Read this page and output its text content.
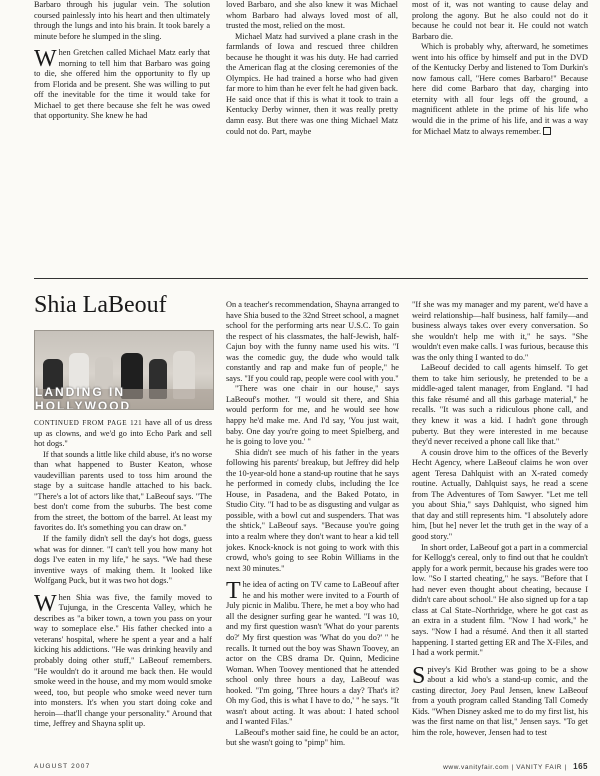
Barbaro through his jugular vein. The solution coursed painlessly into his heart and then ultimately through the lungs and into his brain. It took barely a minute before he slumped in the sling.

When Gretchen called Michael Matz early that morning to tell him that Barbaro was going to die, she offered him the opportunity to fly up from Florida and be present. She was willing to put off the inevitable for the time it would take for Michael to get there because she felt he was owed that opportunity. She knew he had

loved Barbaro, and she also knew it was Michael whom Barbaro had always loved most of all, trusted the most, relied on the most.

Michael Matz had survived a plane crash in the farmlands of Iowa and rescued three children because he thought it was his duty. He had carried the American flag at the closing ceremonies of the Olympics. He had trained a horse who had given far more to him than he ever felt he had given back. He said once that if this is what it took to train a Kentucky Derby winner, then it was really pretty damn easy. But there was one thing Michael Matz could not do. Part, maybe

most of it, was not wanting to cause delay and prolong the agony. But he also could not do it because he could not bear it. He could not watch Barbaro die.

Which is probably why, afterward, he sometimes went into his office by himself and put in the DVD of the Kentucky Derby and listened to Tom Durkin's now famous call, "Here comes Barbaro!" Because here did come Barbaro that day, charging into eternity with all four legs off the ground, a magnificent athlete in the prime of his life who would die in the prime of his life, and it was a way for Michael Matz to always remember.

Shia LaBeouf
LANDING IN HOLLYWOOD

CONTINUED FROM PAGE 121 have all of us dress up as clowns, and we'd go into Echo Park and sell hot dogs."

If that sounds a little like child abuse, it's no worse than what happened to Buster Keaton, whose vaudevillian parents used to toss him around the stage by a suitcase handle attached to his back. "There's a lot of actors like that," LaBeouf says. "The best don't come from the suburbs. The best come from the street, the bottom of the barrel. At least my favorites do. It's something you can draw on."

If the family didn't sell the day's hot dogs, guess what was for dinner. "I can't tell you how many hot dogs I've eaten in my life," he says. "We had these inventive ways of making them. It looked like Wolfgang Puck, but it was two hot dogs."

When Shia was five, the family moved to Tujunga, in the Crescenta Valley, which he describes as "a biker town, a town you pass on your way to someplace else." His father checked into a veterans' hospital, where he spent a year and a half kicking his addictions. "He was drinking heavily and probably doing other stuff," LaBeouf remembers. "He wouldn't do it around me back then. He would smoke weed in the house, and my mom would smoke weed, too, but people who smoke weed never turn into monsters. It's when you start doing coke and heroin—that'll change your personality." Around that time, Jeffrey and Shayna split up.

On a teacher's recommendation, Shayna arranged to have Shia bused to the 32nd Street school, a magnet school for the performing arts near U.S.C. To gain the respect of his classmates, the half-Jewish, half-Cajun boy with the funny name used his wits. "I was the comedic guy, the dude who would talk constantly and rap and make fun of people," he says. "If you could rap, people were cool with you."

"There was one chair in our house," says LaBeouf's mother. "I would sit there, and Shia would perform for me, and he would see how happy he'd make me. And I'd say, 'You just wait, baby. One day you're going to meet Spielberg, and he is going to love you.' "

Shia didn't see much of his father in the years following his parents' breakup, but Jeffrey did help the 10-year-old hone a stand-up routine that he says he performed in comedy clubs, including the Ice House, in Pasadena, and the Baked Potato, in Studio City. "I had to be as disgusting and vulgar as possible, with a bowl cut and suspenders. That was the shtick," LaBeouf says. "Because you're going into a realm where they don't want to hear a kid tell jokes. Knock-knock is not going to work with this crowd, who's going to see Robin Williams in the next 30 minutes."

The idea of acting on TV came to LaBeouf after he and his mother were invited to a Fourth of July picnic in Malibu. There, he met a boy who had all the designer surfing gear he wanted. "I was 10, and my first question wasn't 'What do your parents do?' My first question was 'What do you do?' " he recalls. It turned out the boy was Shawn Toovey, an actor on the CBS drama Dr. Quinn, Medicine Woman. When Toovey mentioned that he attended school only three hours a day, LaBeouf was hooked. "I'm going, 'Three hours a day? That's it? Oh my God, this is what I have to do,' " he says. "It wasn't about acting. It was about: I hated school and I wanted Filas."

LaBeouf's mother said fine, he could be an actor, but she wasn't going to "pimp" him.

"If she was my manager and my parent, we'd have a weird relationship—half business, half family—and business always takes over every conversation. So she wouldn't help me with it," he says. "She wouldn't even make calls. I was furious, because this was the only thing I wanted to do."

LaBeouf decided to call agents himself. To get them to take him seriously, he pretended to be a middle-aged talent manager, from England. "I had this fake résumé and all this garbage material," he recalls. "It was such a ridiculous phone call, and they knew it was a kid. I hadn't gone through puberty. But they were interested in me because they'd never received a phone call like that."

A cousin drove him to the offices of the Beverly Hecht Agency, where LaBeouf claims he won over agent Teresa Dahlquist with an X-rated comedy routine. Actually, Dahlquist says, he read a scene from The Adventures of Tom Sawyer. "Let me tell you about Shia," says Dahlquist, who signed him that day and still represents him. "I absolutely adore him, [but he] never let the truth get in the way of a good story."

In short order, LaBeouf got a part in a commercial for Kellogg's cereal, only to find out that he couldn't apply for a work permit, because his grades were too low. "So I started cheating," he says. "Before that I had never even thought about cheating, because I didn't care about school." He also signed up for a tap class at Cal State–Northridge, where he got cast as an extra in a student film. "Now I had work," he says. "Now I had a résumé. And then it all started happening. I started getting ER and The X-Files, and I had a work permit."

Spivey's Kid Brother was going to be a show about a kid who's a stand-up comic, and the casting director, Joey Paul Jensen, knew LaBeouf from a youth program called Standing Tall Comedy Kids. "When Disney asked me to do my first list, his was the first name on that list," Jensen says. "To get him the role, however, Jensen had to test

AUGUST 2007	www.vanityfair.com | VANITY FAIR | 165
